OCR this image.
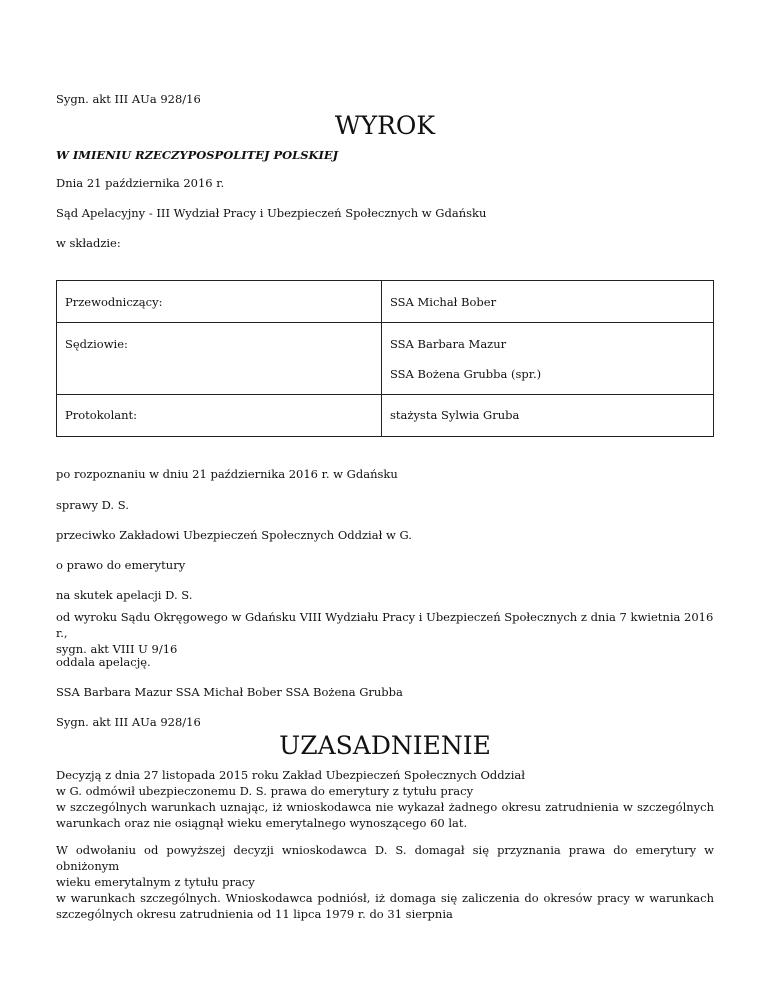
Sygn. akt III AUa 928/16

WYROK

W IMIENIU RZECZYPOSPOLITEJ POLSKIEJ

Dnia 21 października 2016 r.

Sąd Apelacyjny - III Wydział Pracy i Ubezpieczeń Społecznych w Gdańsku

w składzie:

Przewodniczący:	SSA Michał Bober

Sędziowie:	SSA Barbara Mazur

SSA Bożena Grubba (spr.)

Protokolant:	stażysta Sylwia Gruba

po rozpoznaniu w dniu 21 października 2016 r. w Gdańsku

sprawy D. S.

przeciwko Zakładowi Ubezpieczeń Społecznych Oddział w G.

o prawo do emerytury

na skutek apelacji D. S.

od wyroku Sądu Okręgowego w Gdańsku VIII Wydziału Pracy i Ubezpieczeń Społecznych z dnia 7 kwietnia 2016 r.,

sygn. akt VIII U 9/16

oddala apelację.

SSA Barbara Mazur SSA Michał Bober SSA Bożena Grubba

Sygn. akt III AUa 928/16

UZASADNIENIE

Decyzją z dnia 27 listopada 2015 roku Zakład Ubezpieczeń Społecznych Oddział

w G. odmówił ubezpieczonemu D. S. prawa do emerytury z tytułu pracy

w szczególnych warunkach uznając, iż wnioskodawca nie wykazał żadnego okresu zatrudnienia w szczególnych

warunkach oraz nie osiągnął wieku emerytalnego wynoszącego 60 lat.

W odwołaniu od powyższej decyzji wnioskodawca D. S. domagał się przyznania prawa do emerytury w obniżonym

wieku emerytalnym z tytułu pracy

w warunkach szczególnych. Wnioskodawca podniósł, iż domaga się zaliczenia do okresów pracy w warunkach

szczególnych okresu zatrudnienia od 11 lipca 1979 r. do 31 sierpnia
